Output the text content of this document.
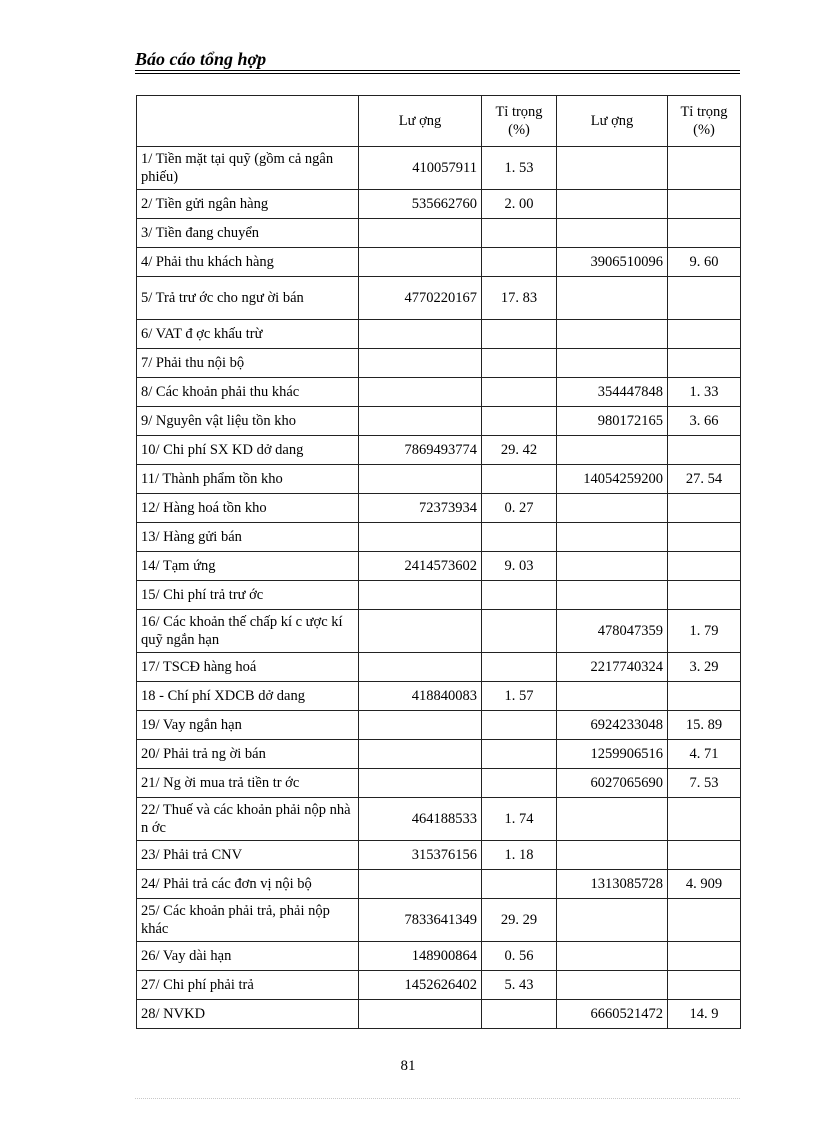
Báo cáo tổng hợp
	Lư ợng	Tỉ trọng (%)	Lư ợng	Tỉ trọng (%)
1/ Tiền mặt tại quỹ (gồm cả ngân phiếu)	410057911	1. 53		
2/ Tiền gửi ngân hàng	535662760	2. 00		
3/ Tiền đang chuyển				
4/ Phải thu khách hàng			3906510096	9. 60
5/ Trả trư ớc cho ngư ời bán	4770220167	17. 83		
6/ VAT đ ợc khấu trừ				
7/ Phải thu nội bộ				
8/ Các khoản phải thu khác			354447848	1. 33
9/ Nguyên vật liệu tồn kho			980172165	3. 66
10/ Chi phí SX KD dở dang	7869493774	29. 42		
11/ Thành phẩm tồn kho			14054259200	27. 54
12/ Hàng hoá tồn kho	72373934	0. 27		
13/ Hàng gửi bán				
14/ Tạm ứng	2414573602	9. 03		
15/ Chi phí trả trư ớc				
16/ Các khoản thế chấp kí c ược kí quỹ ngắn hạn			478047359	1. 79
17/ TSCĐ hàng hoá			2217740324	3. 29
18 - Chí phí XDCB dở dang	418840083	1. 57		
19/ Vay ngắn hạn			6924233048	15. 89
20/ Phải trả ng ời bán			1259906516	4. 71
21/ Ng ời mua trả tiền tr ớc			6027065690	7. 53
22/ Thuế và các khoản phải nộp nhà n ớc	464188533	1. 74		
23/ Phải trả CNV	315376156	1. 18		
24/ Phải trả các đơn vị nội bộ			1313085728	4. 909
25/ Các khoản phải trả, phải nộp khác	7833641349	29. 29		
26/ Vay dài hạn	148900864	0. 56		
27/ Chi phí phải trả	1452626402	5. 43		
28/ NVKD			6660521472	14. 9
81
